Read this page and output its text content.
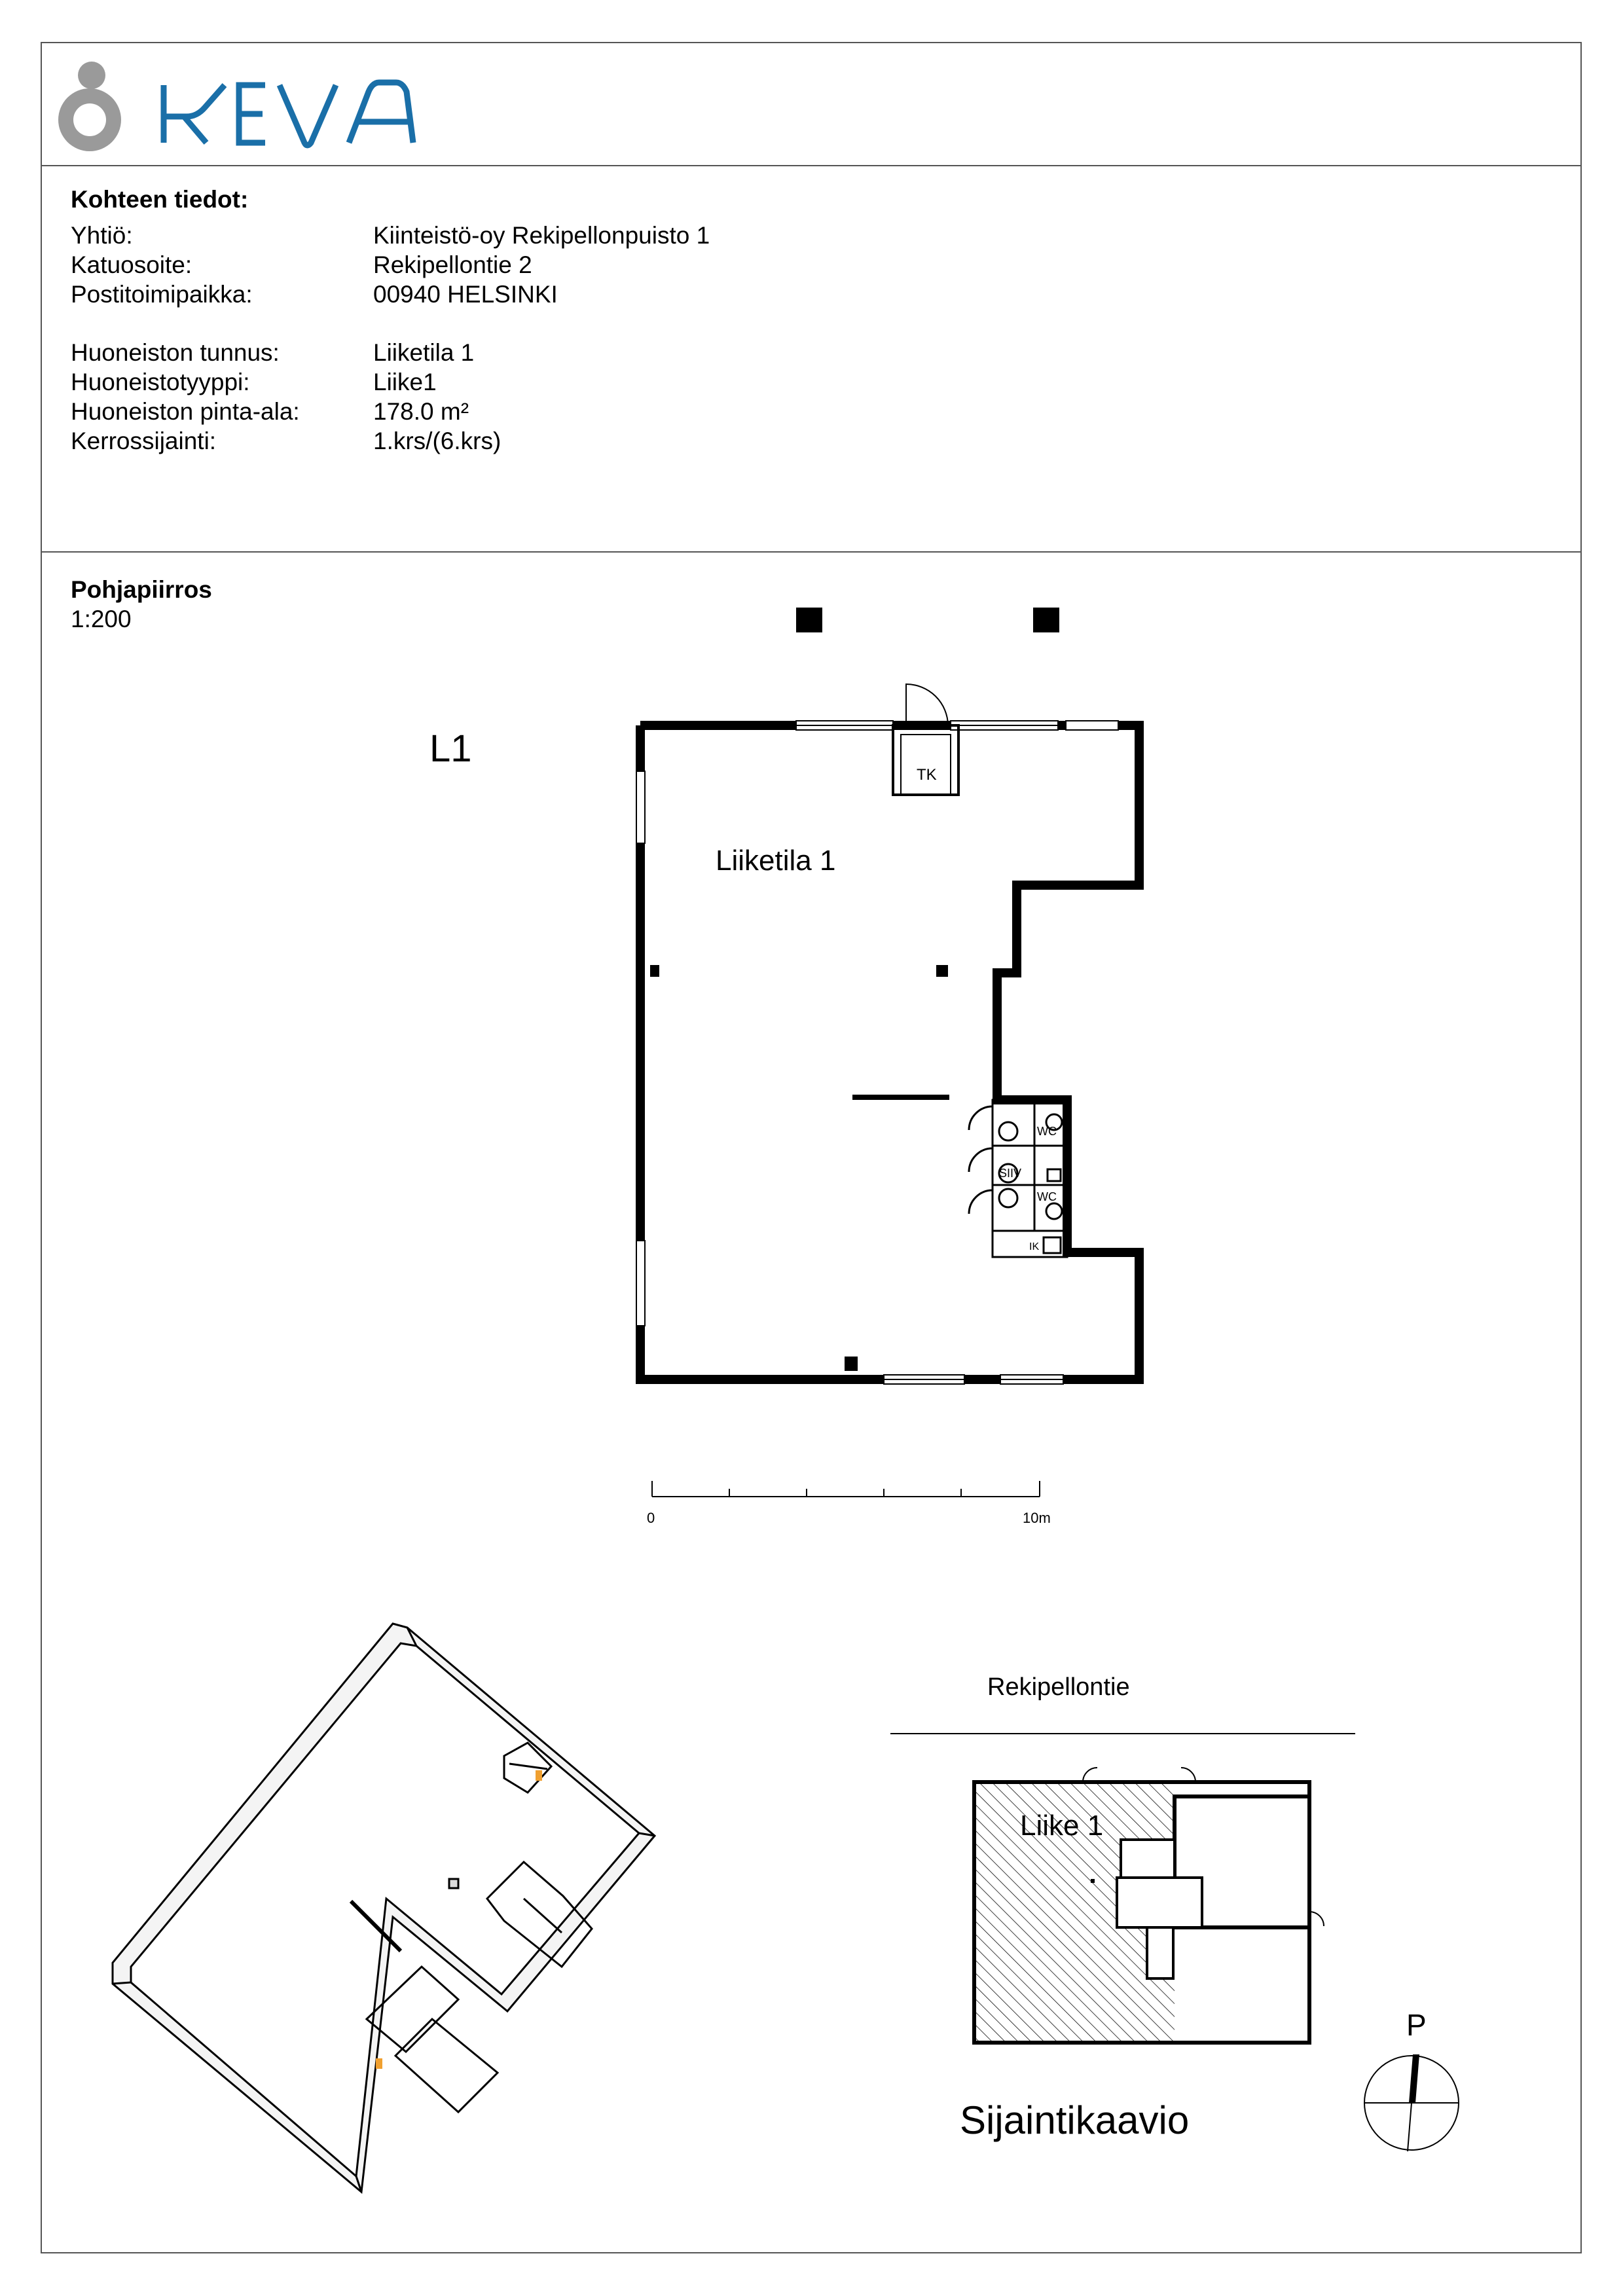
Kohteen tiedot:
Yhtiö:	Kiinteistö-oy Rekipellonpuisto 1
Katuosoite:	Rekipellontie 2
Postitoimipaikka:	00940 HELSINKI
Huoneiston tunnus:	Liiketila 1
Huoneistotyyppi:	Liike1
Huoneiston pinta-ala:	178.0 m²
Kerrossijainti:	1.krs/(6.krs)
Pohjapiirros
1:200
L1
Liiketila 1
TK
WC
WC
SIIV
IK
0	10m
Rekipellontie
Liike 1
Sijaintikaavio
P
